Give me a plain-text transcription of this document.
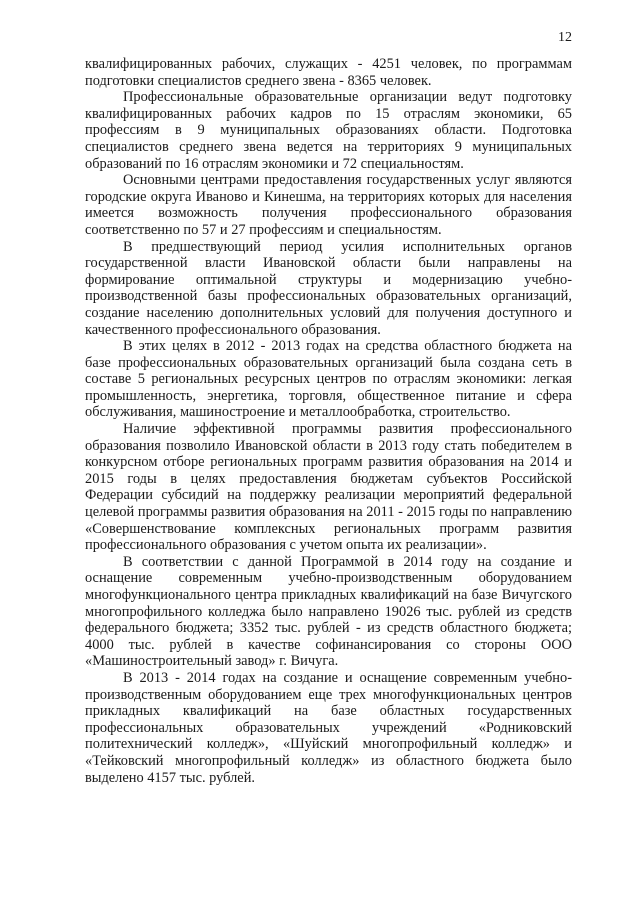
12

квалифицированных рабочих, служащих - 4251 человек, по программам подготовки специалистов среднего звена - 8365 человек.

Профессиональные образовательные организации ведут подготовку квалифицированных рабочих кадров по 15 отраслям экономики, 65 профессиям в 9 муниципальных образованиях области. Подготовка специалистов среднего звена ведется на территориях 9 муниципальных образований по 16 отраслям экономики и 72 специальностям.

Основными центрами предоставления государственных услуг являются городские округа Иваново и Кинешма, на территориях которых для населения имеется возможность получения профессионального образования соответственно по 57 и 27 профессиям и специальностям.

В предшествующий период усилия исполнительных органов государственной власти Ивановской области были направлены на формирование оптимальной структуры и модернизацию учебно-производственной базы профессиональных образовательных организаций, создание населению дополнительных условий для получения доступного и качественного профессионального образования.

В этих целях в 2012 - 2013 годах на средства областного бюджета на базе профессиональных образовательных организаций была создана сеть в составе 5 региональных ресурсных центров по отраслям экономики: легкая промышленность, энергетика, торговля, общественное питание и сфера обслуживания, машиностроение и металлообработка, строительство.

Наличие эффективной программы развития профессионального образования позволило Ивановской области в 2013 году стать победителем в конкурсном отборе региональных программ развития образования на 2014 и 2015 годы в целях предоставления бюджетам субъектов Российской Федерации субсидий на поддержку реализации мероприятий федеральной целевой программы развития образования на 2011 - 2015 годы по направлению «Совершенствование комплексных региональных программ развития профессионального образования с учетом опыта их реализации».

В соответствии с данной Программой в 2014 году на создание и оснащение современным учебно-производственным оборудованием многофункционального центра прикладных квалификаций на базе Вичугского многопрофильного колледжа было направлено 19026 тыс. рублей из средств федерального бюджета; 3352 тыс. рублей - из средств областного бюджета; 4000 тыс. рублей в качестве софинансирования со стороны ООО «Машиностроительный завод» г. Вичуга.

В 2013 - 2014 годах на создание и оснащение современным учебно-производственным оборудованием еще трех многофункциональных центров прикладных квалификаций на базе областных государственных профессиональных образовательных учреждений «Родниковский политехнический колледж», «Шуйский многопрофильный колледж» и «Тейковский многопрофильный колледж» из областного бюджета было выделено 4157 тыс. рублей.
